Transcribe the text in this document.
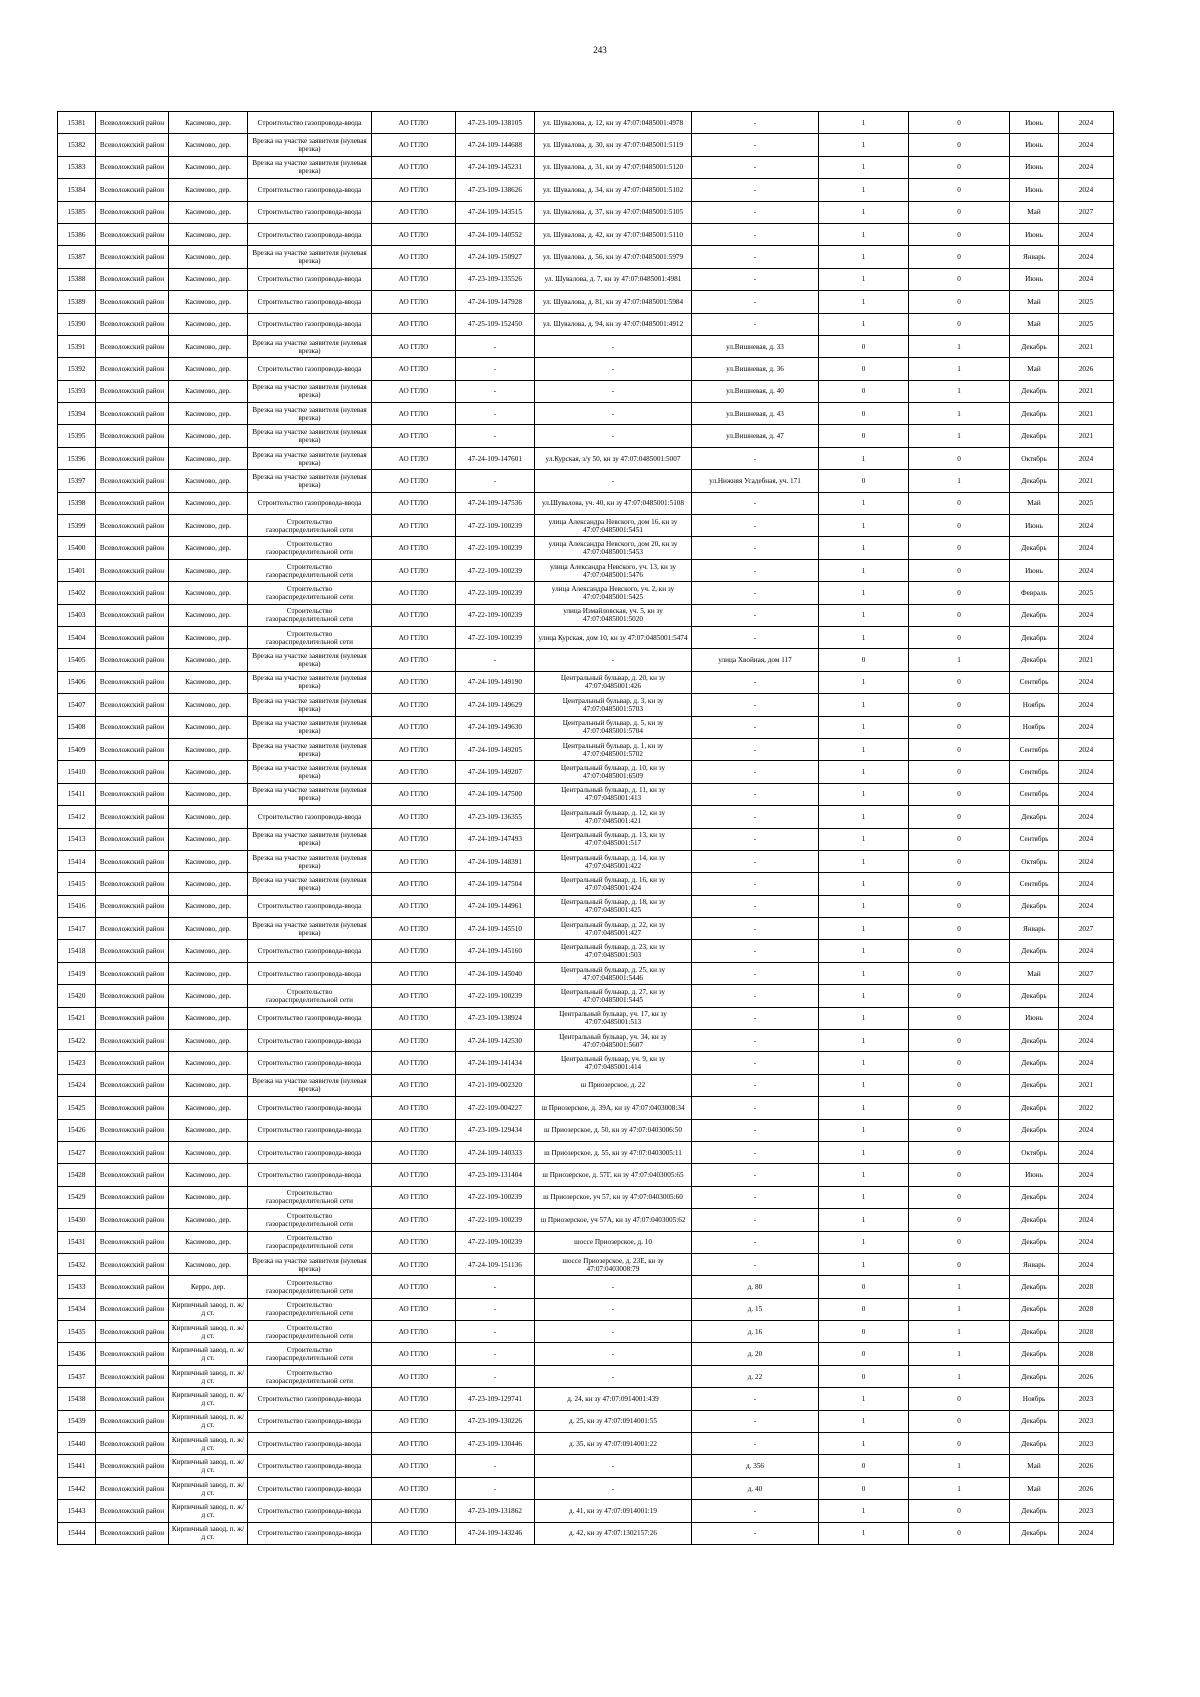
243
15381	Всеволожский район	Касимово, дер.	Строительство газопровода-ввода	АО ГГЛО	47-23-109-138105	ул. Шувалова, д. 12, кн зу 47:07:0485001:4978	-	1	0	Июнь	2024
15382	Всеволожский район	Касимово, дер.	Врезка на участке заявителя (нулевая врезка)	АО ГГЛО	47-24-109-144688	ул. Шувалова, д. 30, кн зу 47:07:0485001:5119	-	1	0	Июнь	2024
15383	Всеволожский район	Касимово, дер.	Врезка на участке заявителя (нулевая врезка)	АО ГГЛО	47-24-109-145231	ул. Шувалова, д. 31, кн зу 47:07:0485001:5120	-	1	0	Июнь	2024
15384	Всеволожский район	Касимово, дер.	Строительство газопровода-ввода	АО ГГЛО	47-23-109-138626	ул. Шувалова, д. 34, кн зу 47:07:0485001:5102	-	1	0	Июнь	2024
15385	Всеволожский район	Касимово, дер.	Строительство газопровода-ввода	АО ГГЛО	47-24-109-143515	ул. Шувалова, д. 37, кн зу 47:07:0485001:5105	-	1	0	Май	2027
15386	Всеволожский район	Касимово, дер.	Строительство газопровода-ввода	АО ГГЛО	47-24-109-140552	ул. Шувалова, д. 42, кн зу 47:07:0485001:5110	-	1	0	Июнь	2024
15387	Всеволожский район	Касимово, дер.	Врезка на участке заявителя (нулевая врезка)	АО ГГЛО	47-24-109-150927	ул. Шувалова, д. 56, кн зу 47:07:0485001:5979	-	1	0	Январь	2024
15388	Всеволожский район	Касимово, дер.	Строительство газопровода-ввода	АО ГГЛО	47-23-109-135526	ул. Шувалова, д. 7, кн зу 47:07:0485001:4981	-	1	0	Июнь	2024
15389	Всеволожский район	Касимово, дер.	Строительство газопровода-ввода	АО ГГЛО	47-24-109-147928	ул. Шувалова, д. 81, кн зу 47:07:0485001:5984	-	1	0	Май	2025
15390	Всеволожский район	Касимово, дер.	Строительство газопровода-ввода	АО ГГЛО	47-25-109-152450	ул. Шувалова, д. 94, кн зу 47:07:0485001:4912	-	1	0	Май	2025
15391	Всеволожский район	Касимово, дер.	Врезка на участке заявителя (нулевая врезка)	АО ГГЛО	-	-	ул.Вишневая, д. 33	0	1	Декабрь	2021
15392	Всеволожский район	Касимово, дер.	Строительство газопровода-ввода	АО ГГЛО	-	-	ул.Вишневая, д. 36	0	1	Май	2026
15393	Всеволожский район	Касимово, дер.	Врезка на участке заявителя (нулевая врезка)	АО ГГЛО	-	-	ул.Вишневая, д. 40	0	1	Декабрь	2021
15394	Всеволожский район	Касимово, дер.	Врезка на участке заявителя (нулевая врезка)	АО ГГЛО	-	-	ул.Вишневая, д. 43	0	1	Декабрь	2021
15395	Всеволожский район	Касимово, дер.	Врезка на участке заявителя (нулевая врезка)	АО ГГЛО	-	-	ул.Вишневая, д. 47	0	1	Декабрь	2021
15396	Всеволожский район	Касимово, дер.	Врезка на участке заявителя (нулевая врезка)	АО ГГЛО	47-24-109-147601	ул.Курская, з/у 50, кн зу 47:07:0485001:5007	-	1	0	Октябрь	2024
15397	Всеволожский район	Касимово, дер.	Врезка на участке заявителя (нулевая врезка)	АО ГГЛО	-	-	ул.Нижняя Усадебная, уч. 171	0	1	Декабрь	2021
15398	Всеволожский район	Касимово, дер.	Строительство газопровода-ввода	АО ГГЛО	47-24-109-147536	ул.Шувалова, уч. 40, кн зу 47:07:0485001:5108	-	1	0	Май	2025
15399	Всеволожский район	Касимово, дер.	Строительство газораспределительной сети	АО ГГЛО	47-22-109-100239	улица Александра Невского, дом 16, кн зу 47:07:0485001:5451	-	1	0	Июнь	2024
15400	Всеволожский район	Касимово, дер.	Строительство газораспределительной сети	АО ГГЛО	47-22-109-100239	улица Александра Невского, дом 20, кн зу 47:07:0485001:5453	-	1	0	Декабрь	2024
15401	Всеволожский район	Касимово, дер.	Строительство газораспределительной сети	АО ГГЛО	47-22-109-100239	улица Александра Невского, уч. 13, кн зу 47:07:0485001:5476	-	1	0	Июнь	2024
15402	Всеволожский район	Касимово, дер.	Строительство газораспределительной сети	АО ГГЛО	47-22-109-100239	улица Александра Невского, уч. 2, кн зу 47:07:0485001:5425	-	1	0	Февраль	2025
15403	Всеволожский район	Касимово, дер.	Строительство газораспределительной сети	АО ГГЛО	47-22-109-100239	улица Измайловская, уч. 5, кн зу 47:07:0485001:5020	-	1	0	Декабрь	2024
15404	Всеволожский район	Касимово, дер.	Строительство газораспределительной сети	АО ГГЛО	47-22-109-100239	улица Курская, дом 10, кн зу 47:07:0485001:5474	-	1	0	Декабрь	2024
15405	Всеволожский район	Касимово, дер.	Врезка на участке заявителя (нулевая врезка)	АО ГГЛО	-	-	улица Хвойная, дом 117	0	1	Декабрь	2021
15406	Всеволожский район	Касимово, дер.	Врезка на участке заявителя (нулевая врезка)	АО ГГЛО	47-24-109-149190	Центральный бульвар, д. 20, кн зу 47:07:0485001:426	-	1	0	Сентябрь	2024
15407	Всеволожский район	Касимово, дер.	Врезка на участке заявителя (нулевая врезка)	АО ГГЛО	47-24-109-149629	Центральный бульвар, д. 3, кн зу 47:07:0485001:5703	-	1	0	Ноябрь	2024
15408	Всеволожский район	Касимово, дер.	Врезка на участке заявителя (нулевая врезка)	АО ГГЛО	47-24-109-149630	Центральный бульвар, д. 5, кн зу 47:07:0485001:5704	-	1	0	Ноябрь	2024
15409	Всеволожский район	Касимово, дер.	Врезка на участке заявителя (нулевая врезка)	АО ГГЛО	47-24-109-149205	Центральный бульвар, д. 1, кн зу 47:07:0485001:5702	-	1	0	Сентябрь	2024
15410	Всеволожский район	Касимово, дер.	Врезка на участке заявителя (нулевая врезка)	АО ГГЛО	47-24-109-149207	Центральный бульвар, д. 10, кн зу 47:07:0485001:6509	-	1	0	Сентябрь	2024
15411	Всеволожский район	Касимово, дер.	Врезка на участке заявителя (нулевая врезка)	АО ГГЛО	47-24-109-147500	Центральный бульвар, д. 11, кн зу 47:07:0485001:413	-	1	0	Сентябрь	2024
15412	Всеволожский район	Касимово, дер.	Строительство газопровода-ввода	АО ГГЛО	47-23-109-136355	Центральный бульвар, д. 12, кн зу 47:07:0485001:421	-	1	0	Декабрь	2024
15413	Всеволожский район	Касимово, дер.	Врезка на участке заявителя (нулевая врезка)	АО ГГЛО	47-24-109-147493	Центральный бульвар, д. 13, кн зу 47:07:0485001:517	-	1	0	Сентябрь	2024
15414	Всеволожский район	Касимово, дер.	Врезка на участке заявителя (нулевая врезка)	АО ГГЛО	47-24-109-148391	Центральный бульвар, д. 14, кн зу 47:07:0485001:422	-	1	0	Октябрь	2024
15415	Всеволожский район	Касимово, дер.	Врезка на участке заявителя (нулевая врезка)	АО ГГЛО	47-24-109-147504	Центральный бульвар, д. 16, кн зу 47:07:0485001:424	-	1	0	Сентябрь	2024
15416	Всеволожский район	Касимово, дер.	Строительство газопровода-ввода	АО ГГЛО	47-24-109-144961	Центральный бульвар, д. 18, кн зу 47:07:0485001:425	-	1	0	Декабрь	2024
15417	Всеволожский район	Касимово, дер.	Врезка на участке заявителя (нулевая врезка)	АО ГГЛО	47-24-109-145510	Центральный бульвар, д. 22, кн зу 47:07:0485001:427	-	1	0	Январь	2027
15418	Всеволожский район	Касимово, дер.	Строительство газопровода-ввода	АО ГГЛО	47-24-109-145160	Центральный бульвар, д. 23, кн зу 47:07:0485001:503	-	1	0	Декабрь	2024
15419	Всеволожский район	Касимово, дер.	Строительство газопровода-ввода	АО ГГЛО	47-24-109-145040	Центральный бульвар, д. 25, кн зу 47:07:0485001:5446	-	1	0	Май	2027
15420	Всеволожский район	Касимово, дер.	Строительство газораспределительной сети	АО ГГЛО	47-22-109-100239	Центральный бульвар, д. 27, кн зу 47:07:0485001:5445	-	1	0	Декабрь	2024
15421	Всеволожский район	Касимово, дер.	Строительство газопровода-ввода	АО ГГЛО	47-23-109-138924	Центральный бульвар, уч. 17, кн зу 47:07:0485001:513	-	1	0	Июнь	2024
15422	Всеволожский район	Касимово, дер.	Строительство газопровода-ввода	АО ГГЛО	47-24-109-142530	Центральный бульвар, уч. 34, кн зу 47:07:0485001:5607	-	1	0	Декабрь	2024
15423	Всеволожский район	Касимово, дер.	Строительство газопровода-ввода	АО ГГЛО	47-24-109-141434	Центральный бульвар, уч. 9, кн зу 47:07:0485001:414	-	1	0	Декабрь	2024
15424	Всеволожский район	Касимово, дер.	Врезка на участке заявителя (нулевая врезка)	АО ГГЛО	47-21-109-002320	ш Приозерское, д. 22	-	1	0	Декабрь	2021
15425	Всеволожский район	Касимово, дер.	Строительство газопровода-ввода	АО ГГЛО	47-22-109-004227	ш Приозерское, д. 39А, кн зу 47:07:0403008:34	-	1	0	Декабрь	2022
15426	Всеволожский район	Касимово, дер.	Строительство газопровода-ввода	АО ГГЛО	47-23-109-129434	ш Приозерское, д. 50, кн зу 47:07:0403006:50	-	1	0	Декабрь	2024
15427	Всеволожский район	Касимово, дер.	Строительство газопровода-ввода	АО ГГЛО	47-24-109-140333	ш Приозерское, д. 55, кн зу 47:07:0403005:11	-	1	0	Октябрь	2024
15428	Всеволожский район	Касимово, дер.	Строительство газопровода-ввода	АО ГГЛО	47-23-109-131404	ш Приозерское, д. 57Г, кн зу 47:07:0403005:65	-	1	0	Июнь	2024
15429	Всеволожский район	Касимово, дер.	Строительство газораспределительной сети	АО ГГЛО	47-22-109-100239	ш Приозерское, уч 57, кн зу 47:07:0403005:60	-	1	0	Декабрь	2024
15430	Всеволожский район	Касимово, дер.	Строительство газораспределительной сети	АО ГГЛО	47-22-109-100239	ш Приозерское, уч 57А, кн зу 47:07:0403005:62	-	1	0	Декабрь	2024
15431	Всеволожский район	Касимово, дер.	Строительство газораспределительной сети	АО ГГЛО	47-22-109-100239	шоссе Приозерское, д. 10	-	1	0	Декабрь	2024
15432	Всеволожский район	Касимово, дер.	Врезка на участке заявителя (нулевая врезка)	АО ГГЛО	47-24-109-151136	шоссе Приозерское, д. 23Е, кн зу 47:07:0403008:79	-	1	0	Январь	2024
15433	Всеволожский район	Керро, дер.	Строительство газораспределительной сети	АО ГГЛО	-	-	д. 80	0	1	Декабрь	2028
15434	Всеволожский район	Кирпичный завод, п. ж/д ст.	Строительство газораспределительной сети	АО ГГЛО	-	-	д. 15	0	1	Декабрь	2028
15435	Всеволожский район	Кирпичный завод, п. ж/д ст.	Строительство газораспределительной сети	АО ГГЛО	-	-	д. 16	0	1	Декабрь	2028
15436	Всеволожский район	Кирпичный завод, п. ж/д ст.	Строительство газораспределительной сети	АО ГГЛО	-	-	д. 20	0	1	Декабрь	2028
15437	Всеволожский район	Кирпичный завод, п. ж/д ст.	Строительство газораспределительной сети	АО ГГЛО	-	-	д. 22	0	1	Декабрь	2026
15438	Всеволожский район	Кирпичный завод, п. ж/д ст.	Строительство газопровода-ввода	АО ГГЛО	47-23-109-129741	д. 24, кн зу 47:07:0914001:439	-	1	0	Ноябрь	2023
15439	Всеволожский район	Кирпичный завод, п. ж/д ст.	Строительство газопровода-ввода	АО ГГЛО	47-23-109-130226	д. 25, кн зу 47:07:0914001:55	-	1	0	Декабрь	2023
15440	Всеволожский район	Кирпичный завод, п. ж/д ст.	Строительство газопровода-ввода	АО ГГЛО	47-23-109-130446	д. 35, кн зу 47:07:0914001:22	-	1	0	Декабрь	2023
15441	Всеволожский район	Кирпичный завод, п. ж/д ст.	Строительство газопровода-ввода	АО ГГЛО	-	-	д. 356	0	1	Май	2026
15442	Всеволожский район	Кирпичный завод, п. ж/д ст.	Строительство газопровода-ввода	АО ГГЛО	-	-	д. 40	0	1	Май	2026
15443	Всеволожский район	Кирпичный завод, п. ж/д ст.	Строительство газопровода-ввода	АО ГГЛО	47-23-109-131862	д. 41, кн зу 47:07:0914001:19	-	1	0	Декабрь	2023
15444	Всеволожский район	Кирпичный завод, п. ж/д ст.	Строительство газопровода-ввода	АО ГГЛО	47-24-109-143246	д. 42, кн зу 47:07:1302157:26	-	1	0	Декабрь	2024
